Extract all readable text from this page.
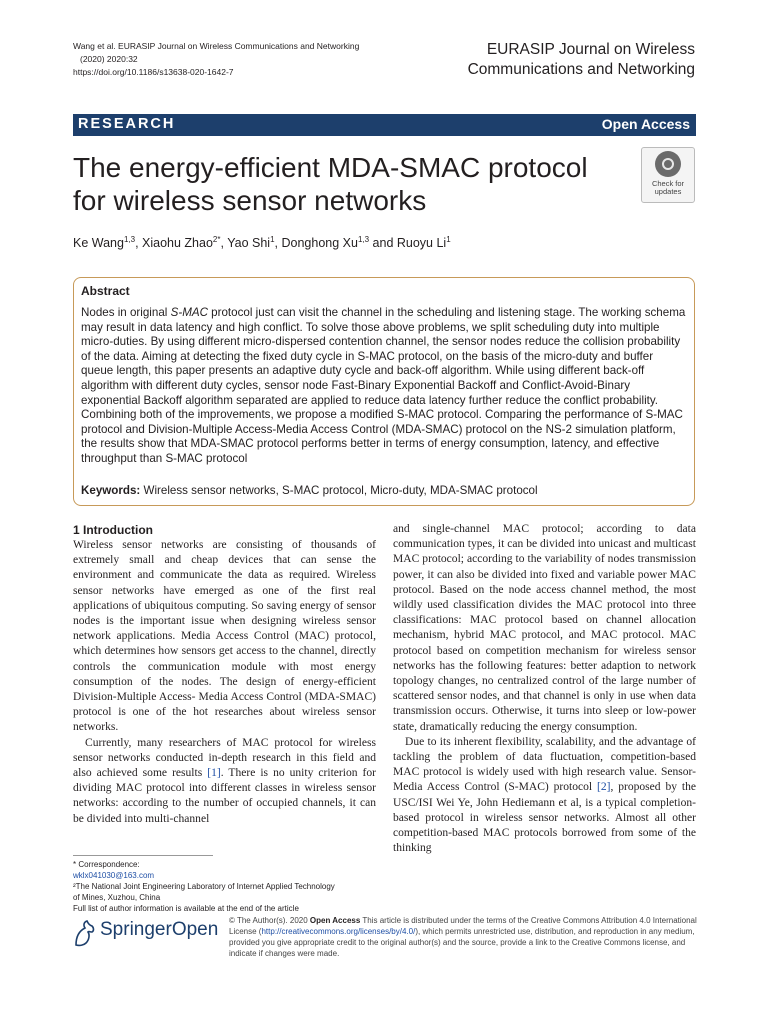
Wang et al. EURASIP Journal on Wireless Communications and Networking
(2020) 2020:32
https://doi.org/10.1186/s13638-020-1642-7
EURASIP Journal on Wireless
Communications and Networking
RESEARCH	Open Access
The energy-efficient MDA-SMAC protocol
for wireless sensor networks
Check for
updates
Ke Wang$^{1,3}$, Xiaohu Zhao$^{2*}$, Yao Shi$^1$, Donghong Xu$^{1,3}$ and Ruoyu Li$^1$
Abstract
Nodes in original S-MAC protocol just can visit the channel in the scheduling and listening stage. The working schema may result in data latency and high conflict. To solve those above problems, we split scheduling duty into multiple micro-duties. By using different micro-dispersed contention channel, the sensor nodes reduce the collision probability of the data. Aiming at detecting the fixed duty cycle in S-MAC protocol, on the basis of the micro-duty and buffer queue length, this paper presents an adaptive duty cycle and back-off algorithm. While using different back-off algorithm with different duty cycles, sensor node Fast-Binary Exponential Backoff and Conflict-Avoid-Binary exponential Backoff algorithm separated are applied to reduce data latency further reduce the conflict probability. Combining both of the improvements, we propose a modified S-MAC protocol. Comparing the performance of S-MAC protocol and Division-Multiple Access-Media Access Control (MDA-SMAC) protocol on the NS-2 simulation platform, the results show that MDA-SMAC protocol performs better in terms of energy consumption, latency, and effective throughput than S-MAC protocol
Keywords: Wireless sensor networks, S-MAC protocol, Micro-duty, MDA-SMAC protocol
1 Introduction

Wireless sensor networks are consisting of thousands of extremely small and cheap devices that can sense the environment and communicate the data as required. Wireless sensor networks have emerged as one of the first real applications of ubiquitous computing. So saving energy of sensor nodes is the important issue when designing wireless sensor network applications. Media Access Control (MAC) protocol, which determines how sensors get access to the channel, directly controls the communication module with most energy consumption of the nodes. The design of energy-efficient Division-Multiple Access- Media Access Control (MDA-SMAC) protocol is one of the hot researches about wireless sensor networks.

Currently, many researchers of MAC protocol for wireless sensor networks conducted in-depth research in this field and also achieved some results [1]. There is no unity criterion for dividing MAC protocol into different classes in wireless sensor networks: according to the number of occupied channels, it can be divided into multi-channel

and single-channel MAC protocol; according to data communication types, it can be divided into unicast and multicast MAC protocol; according to the variability of nodes transmission power, it can also be divided into fixed and variable power MAC protocol. Based on the node access channel method, the most wildly used classification divides the MAC protocol into three classifications: MAC protocol based on channel allocation mechanism, hybrid MAC protocol, and MAC protocol. MAC protocol based on competition mechanism for wireless sensor networks has the following features: better adaption to network topology changes, no centralized control of the large number of scattered sensor nodes, and that channel is only in use when data transmission occurs. Otherwise, it turns into sleep or low-power state, dramatically reducing the energy consumption.

Due to its inherent flexibility, scalability, and the advantage of tackling the problem of data fluctuation, competition-based MAC protocol is widely used with high research value. Sensor-Media Access Control (S-MAC) protocol [2], proposed by the USC/ISI Wei Ye, John Hediemann et al, is a typical completion-based protocol in wireless sensor networks. Almost all other competition-based MAC protocols borrowed from some of the thinking

* Correspondence:
wklx041030@163.com
²The National Joint Engineering Laboratory of Internet Applied Technology
of Mines, Xuzhou, China
Full list of author information is available at the end of the article
SpringerOpen © The Author(s). 2020 Open Access This article is distributed under the terms of the Creative Commons Attribution 4.0 International License (http://creativecommons.org/licenses/by/4.0/), which permits unrestricted use, distribution, and reproduction in any medium, provided you give appropriate credit to the original author(s) and the source, provide a link to the Creative Commons license, and indicate if changes were made.
